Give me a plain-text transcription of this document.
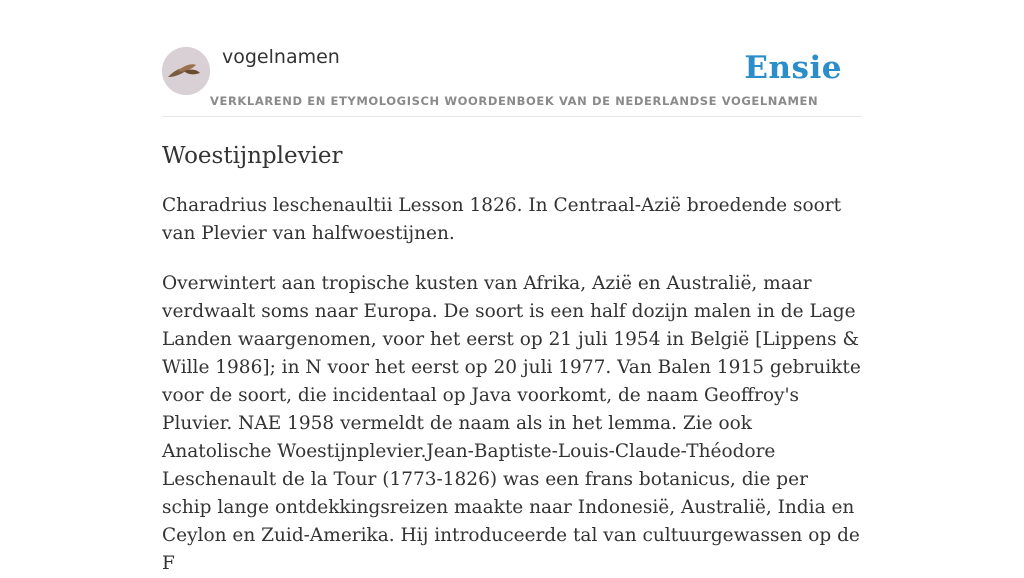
vogelnamen	Ensie
VERKLAREND EN ETYMOLOGISCH WOORDENBOEK VAN DE NEDERLANDSE VOGELNAMEN
Woestijnplevier

Charadrius leschenaultii Lesson 1826. In Centraal-Azië broedende soort van Plevier van halfwoestijnen.

Overwintert aan tropische kusten van Afrika, Azië en Australië, maar verdwaalt soms naar Europa. De soort is een half dozijn malen in de Lage Landen waargenomen, voor het eerst op 21 juli 1954 in België [Lippens & Wille 1986]; in N voor het eerst op 20 juli 1977. Van Balen 1915 gebruikte voor de soort, die incidentaal op Java voorkomt, de naam Geoffroy's Pluvier. NAE 1958 vermeldt de naam als in het lemma. Zie ook Anatolische Woestijnplevier.Jean-Baptiste-Louis-Claude-Théodore Leschenault de la Tour (1773-1826) was een frans botanicus, die per schip lange ontdekkingsreizen maakte naar Indonesië, Australië, India en Ceylon en Zuid-Amerika. Hij introduceerde tal van cultuurgewassen op de F
